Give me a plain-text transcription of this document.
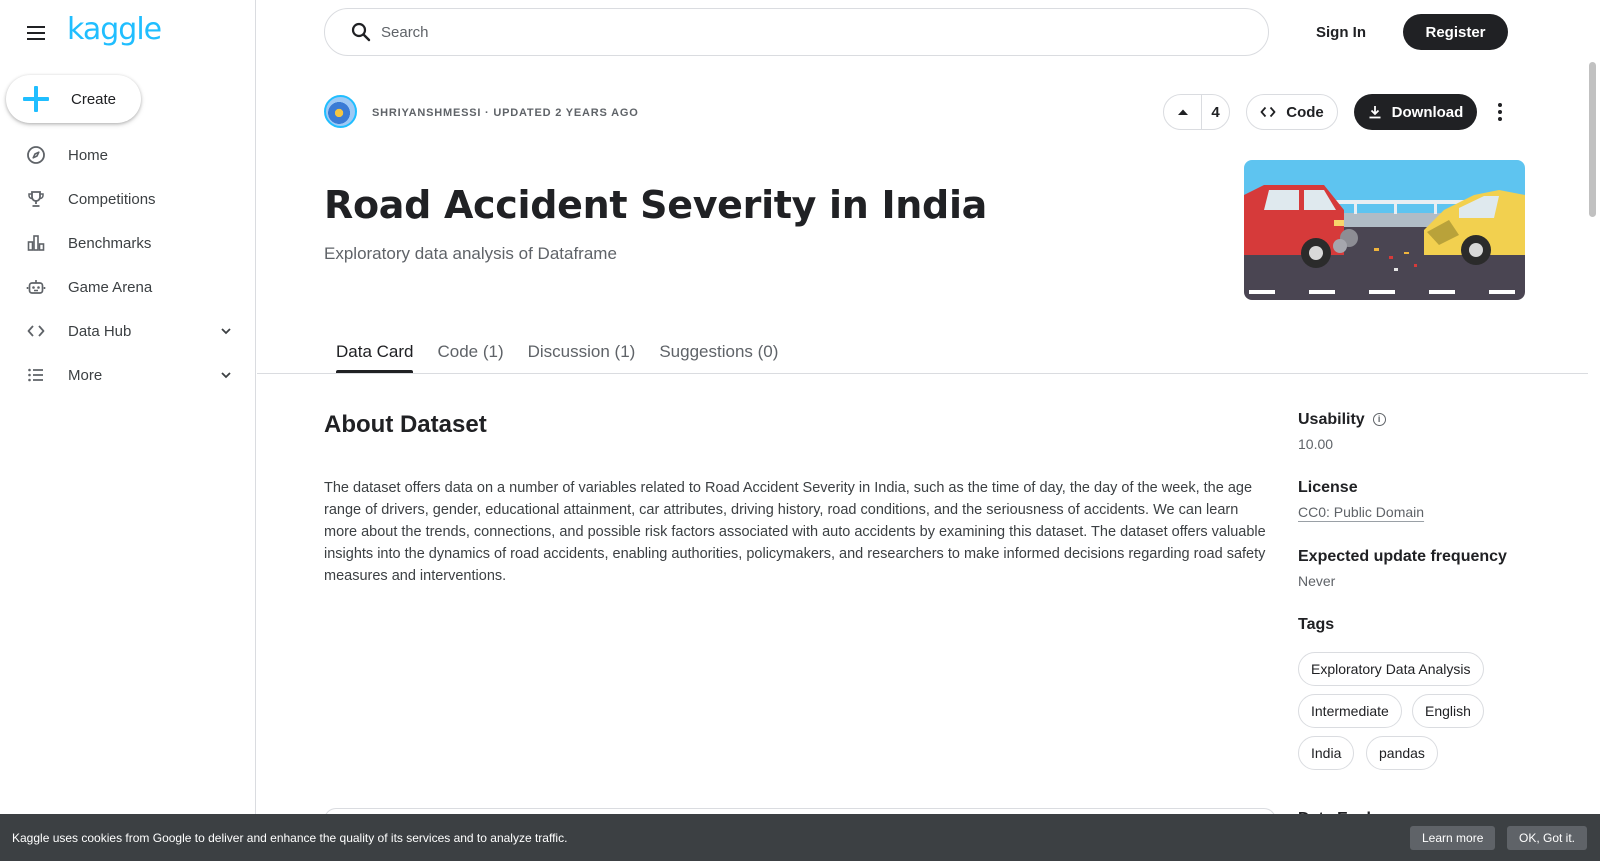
kaggle
Create
Home
Competitions
Benchmarks
Game Arena
Data Hub
More
Search
Sign In	Register
SHRIYANSHMESSI · UPDATED 2 YEARS AGO	4	Code	Download
Road Accident Severity in India
Exploratory data analysis of Dataframe
Data Card	Code (1)	Discussion (1)	Suggestions (0)
About Dataset

The dataset offers data on a number of variables related to Road Accident Severity in India, such as the time of day, the day of the week, the age range of drivers, gender, educational attainment, car attributes, driving history, road conditions, and the seriousness of accidents. We can learn more about the trends, connections, and possible risk factors associated with auto accidents by examining this dataset. The dataset offers valuable insights into the dynamics of road accidents, enabling authorities, policymakers, and researchers to make informed decisions regarding road safety measures and interventions.

Usability i
10.00
License
CC0: Public Domain
Expected update frequency
Never
Tags
Exploratory Data Analysis
Intermediate	English
India	pandas
Kaggle uses cookies from Google to deliver and enhance the quality of its services and to analyze traffic.	Learn more	OK, Got it.
